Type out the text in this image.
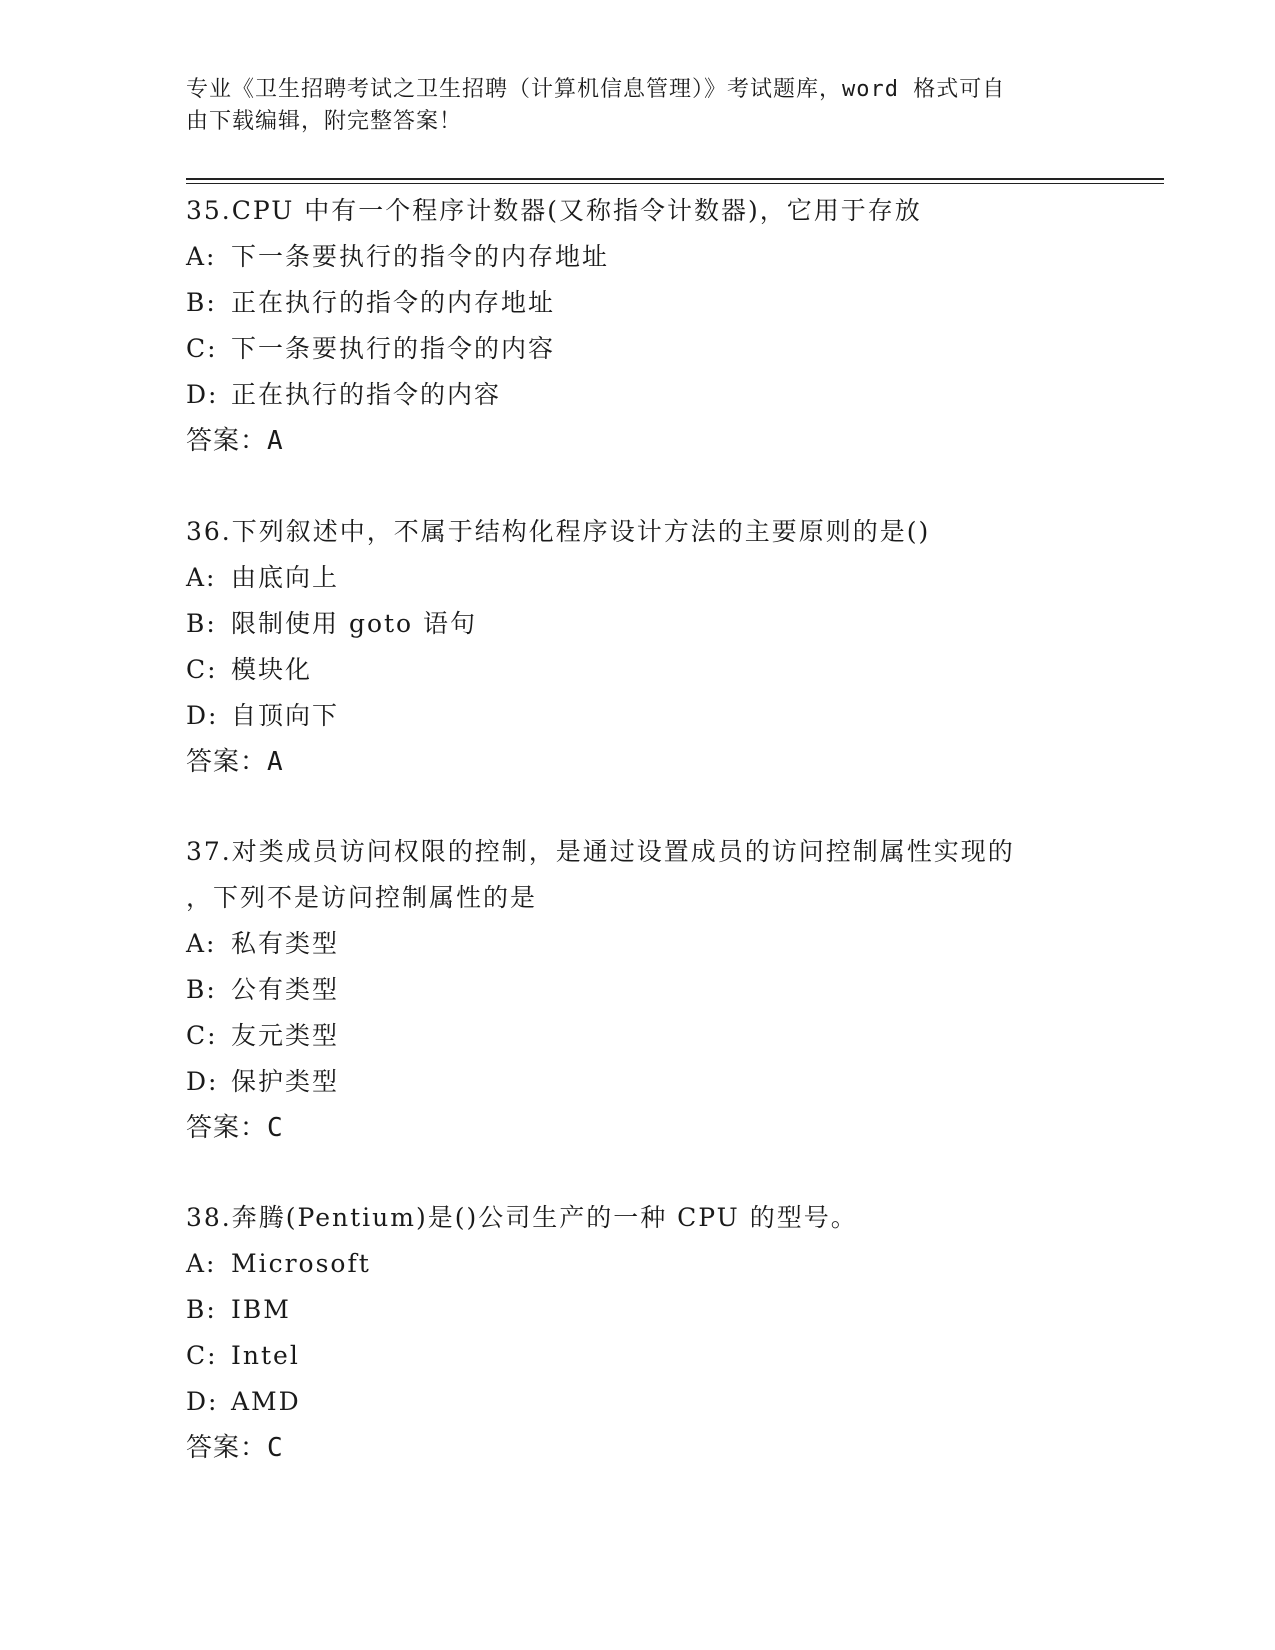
专业《卫生招聘考试之卫生招聘（计算机信息管理）》考试题库，word 格式可自
由下载编辑，附完整答案！
35.CPU 中有一个程序计数器(又称指令计数器)，它用于存放
A: 下一条要执行的指令的内存地址
B: 正在执行的指令的内存地址
C: 下一条要执行的指令的内容
D: 正在执行的指令的内容
答案：A
36.下列叙述中，不属于结构化程序设计方法的主要原则的是()
A: 由底向上
B: 限制使用 goto 语句
C: 模块化
D: 自顶向下
答案：A
37.对类成员访问权限的控制，是通过设置成员的访问控制属性实现的
，下列不是访问控制属性的是
A: 私有类型
B: 公有类型
C: 友元类型
D: 保护类型
答案：C
38.奔腾(Pentium)是()公司生产的一种 CPU 的型号。
A: Microsoft
B: IBM
C: Intel
D: AMD
答案：C
